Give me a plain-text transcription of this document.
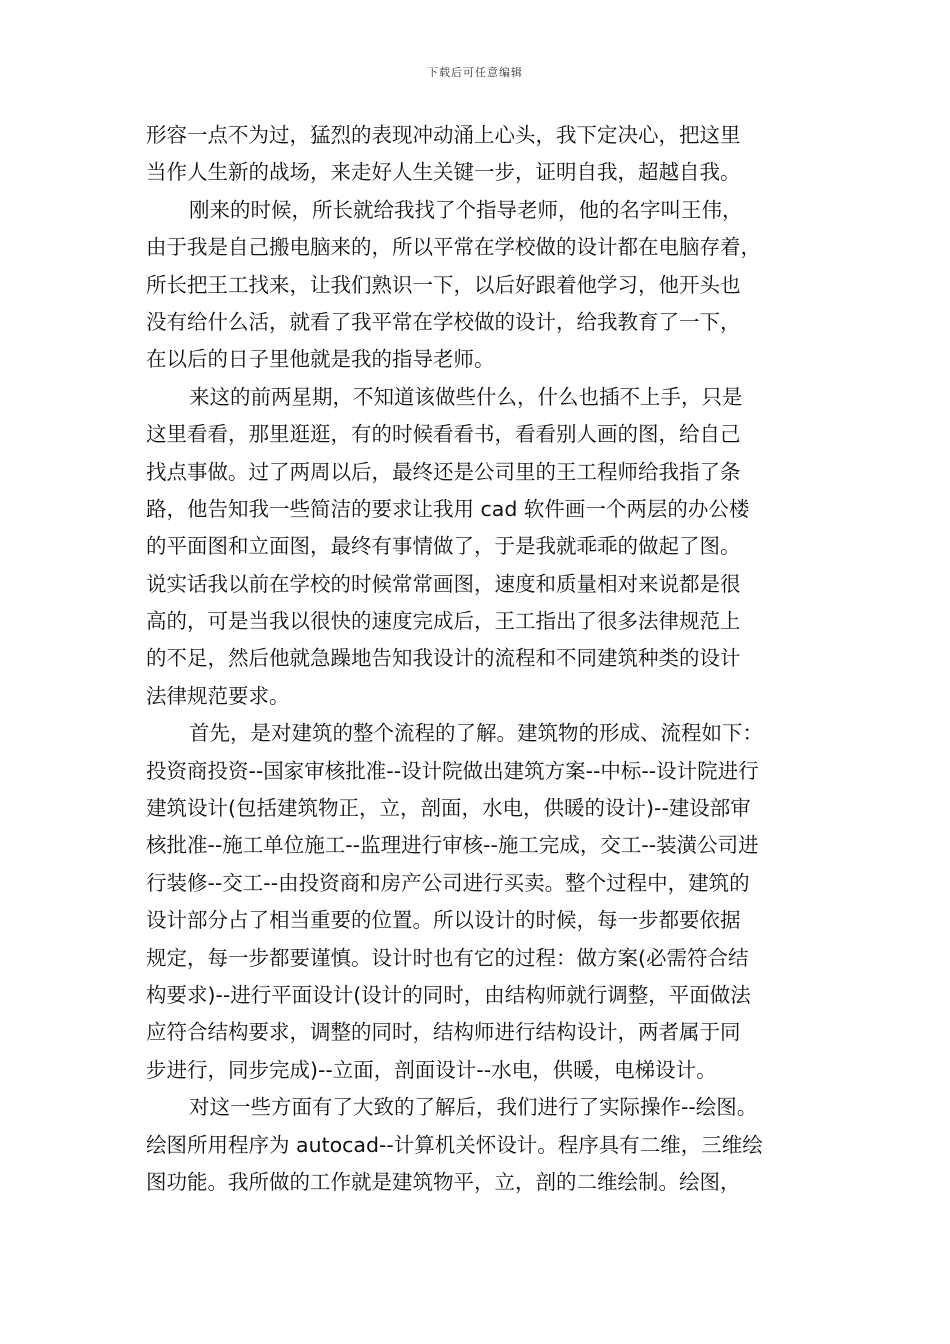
下载后可任意编辑
形容一点不为过，猛烈的表现冲动涌上心头，我下定决心，把这里
当作人生新的战场，来走好人生关键一步，证明自我，超越自我。
刚来的时候，所长就给我找了个指导老师，他的名字叫王伟，
由于我是自己搬电脑来的，所以平常在学校做的设计都在电脑存着，
所长把王工找来，让我们熟识一下，以后好跟着他学习，他开头也
没有给什么活，就看了我平常在学校做的设计，给我教育了一下，
在以后的日子里他就是我的指导老师。
来这的前两星期，不知道该做些什么，什么也插不上手，只是
这里看看，那里逛逛，有的时候看看书，看看别人画的图，给自己
找点事做。过了两周以后，最终还是公司里的王工程师给我指了条
路，他告知我一些简洁的要求让我用 cad 软件画一个两层的办公楼
的平面图和立面图，最终有事情做了，于是我就乖乖的做起了图。
说实话我以前在学校的时候常常画图，速度和质量相对来说都是很
高的，可是当我以很快的速度完成后，王工指出了很多法律规范上
的不足，然后他就急躁地告知我设计的流程和不同建筑种类的设计
法律规范要求。
首先，是对建筑的整个流程的了解。建筑物的形成、流程如下：
投资商投资--国家审核批准--设计院做出建筑方案--中标--设计院进行
建筑设计(包括建筑物正，立，剖面，水电，供暖的设计)--建设部审
核批准--施工单位施工--监理进行审核--施工完成，交工--装潢公司进
行装修--交工--由投资商和房产公司进行买卖。整个过程中，建筑的
设计部分占了相当重要的位置。所以设计的时候，每一步都要依据
规定，每一步都要谨慎。设计时也有它的过程：做方案(必需符合结
构要求)--进行平面设计(设计的同时，由结构师就行调整，平面做法
应符合结构要求，调整的同时，结构师进行结构设计，两者属于同
步进行，同步完成)--立面，剖面设计--水电，供暖，电梯设计。
对这一些方面有了大致的了解后，我们进行了实际操作--绘图。
绘图所用程序为 autocad--计算机关怀设计。程序具有二维，三维绘
图功能。我所做的工作就是建筑物平，立，剖的二维绘制。绘图，
